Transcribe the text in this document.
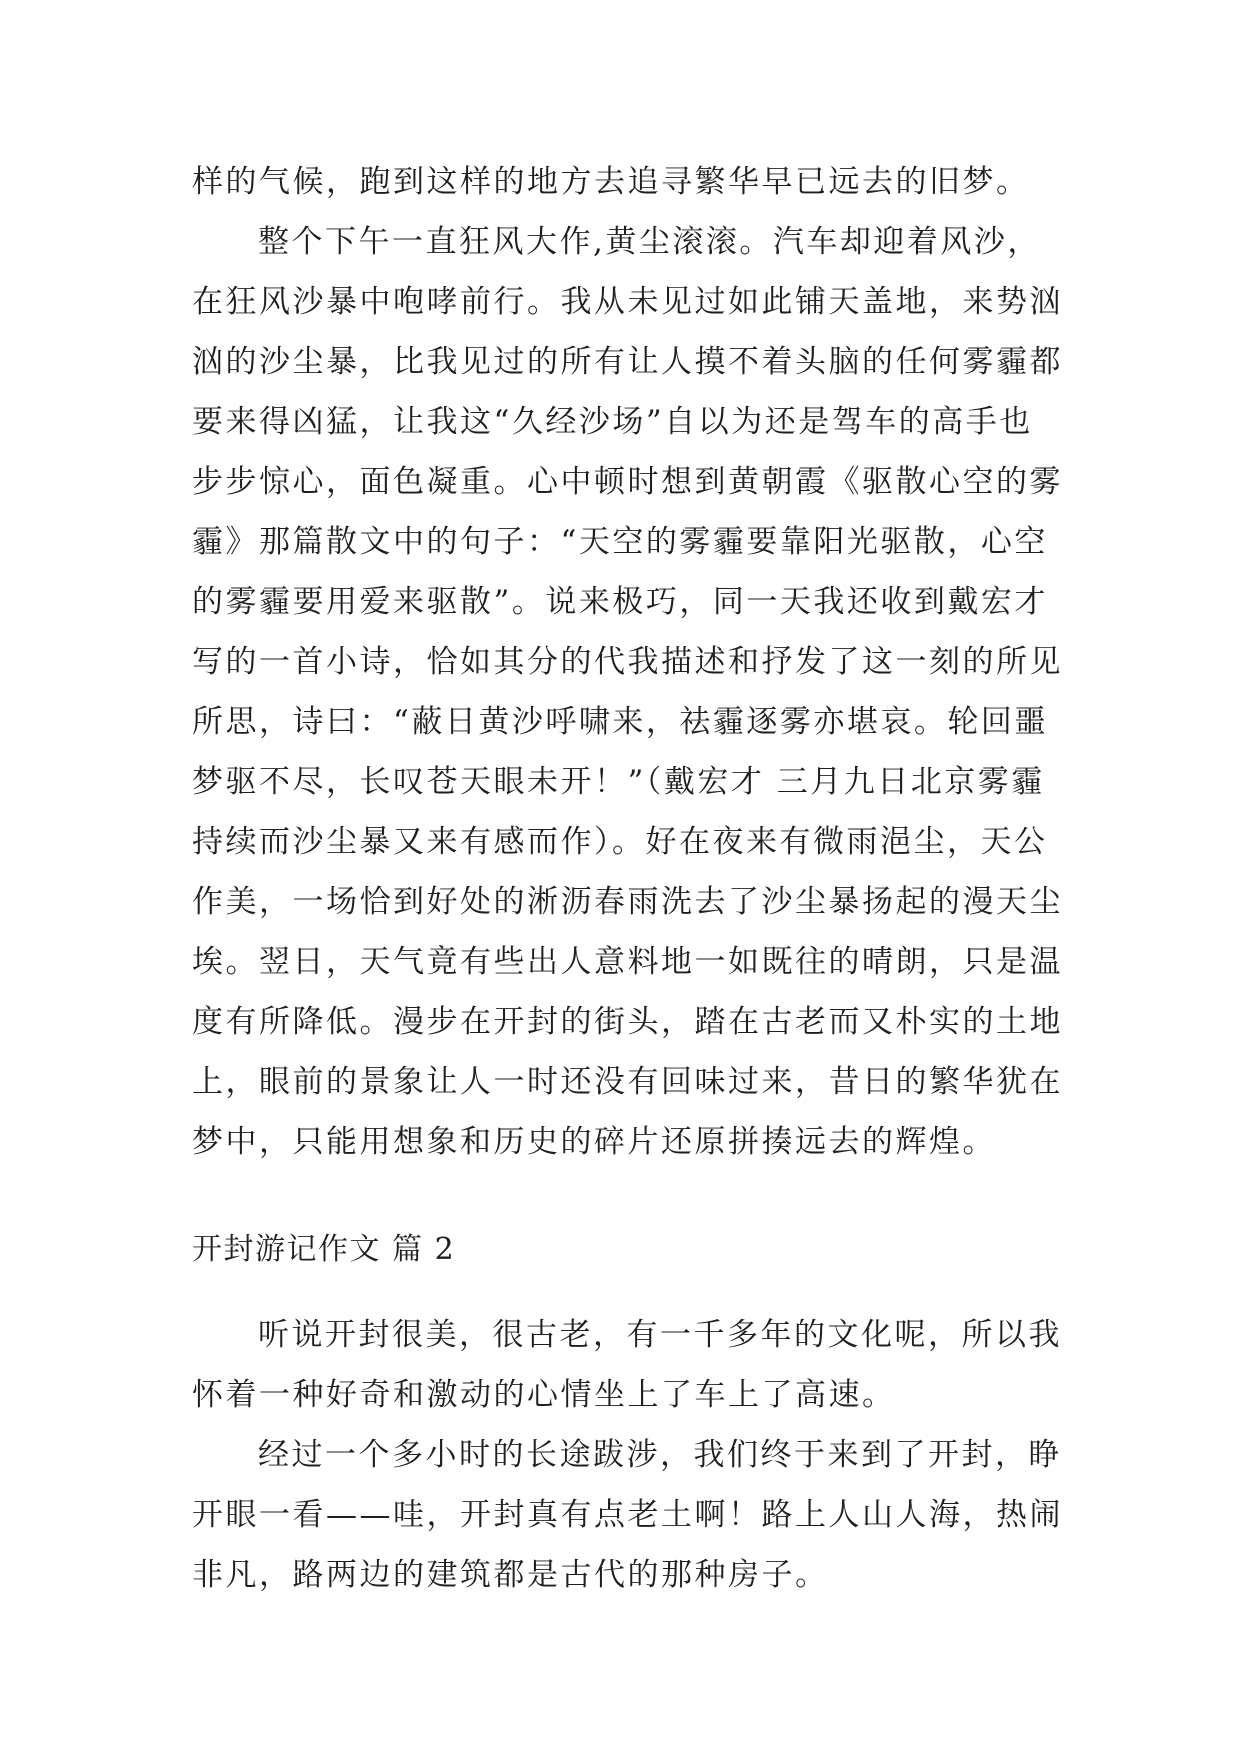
样的气候，跑到这样的地方去追寻繁华早已远去的旧梦。
整个下午一直狂风大作,黄尘滚滚。汽车却迎着风沙，
在狂风沙暴中咆哮前行。我从未见过如此铺天盖地，来势汹
汹的沙尘暴，比我见过的所有让人摸不着头脑的任何雾霾都
要来得凶猛，让我这“久经沙场”自以为还是驾车的高手也
步步惊心，面色凝重。心中顿时想到黄朝霞《驱散心空的雾
霾》那篇散文中的句子：“天空的雾霾要靠阳光驱散，心空
的雾霾要用爱来驱散”。说来极巧，同一天我还收到戴宏才
写的一首小诗，恰如其分的代我描述和抒发了这一刻的所见
所思，诗曰：“蔽日黄沙呼啸来，祛霾逐雾亦堪哀。轮回噩
梦驱不尽，长叹苍天眼未开！”（戴宏才 三月九日北京雾霾
持续而沙尘暴又来有感而作）。好在夜来有微雨浥尘，天公
作美，一场恰到好处的淅沥春雨洗去了沙尘暴扬起的漫天尘
埃。翌日，天气竟有些出人意料地一如既往的晴朗，只是温
度有所降低。漫步在开封的街头，踏在古老而又朴实的土地
上，眼前的景象让人一时还没有回味过来，昔日的繁华犹在
梦中，只能用想象和历史的碎片还原拼揍远去的辉煌。
开封游记作文 篇 2
听说开封很美，很古老，有一千多年的文化呢，所以我
怀着一种好奇和激动的心情坐上了车上了高速。
经过一个多小时的长途跋涉，我们终于来到了开封，睁
开眼一看——哇，开封真有点老土啊！路上人山人海，热闹
非凡，路两边的建筑都是古代的那种房子。
